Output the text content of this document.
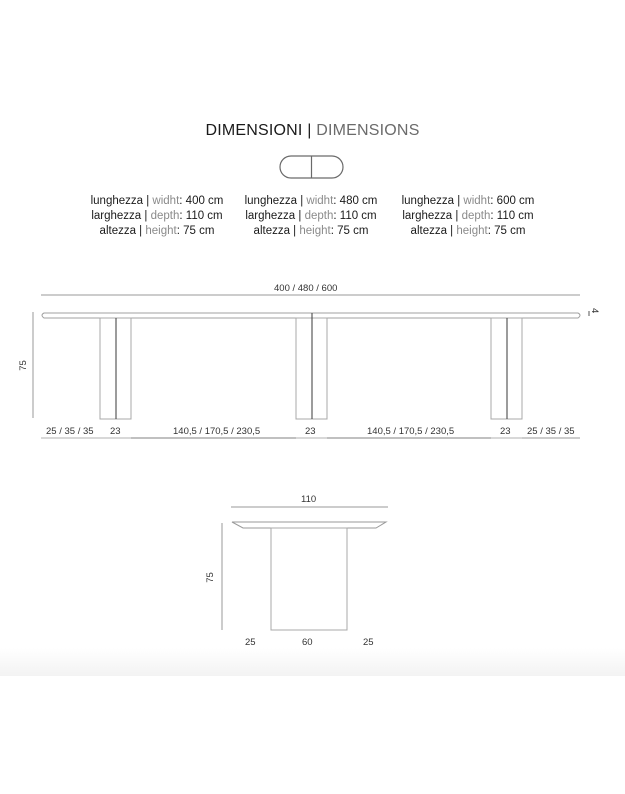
DIMENSIONI | DIMENSIONS
lunghezza | widht: 400 cm
larghezza | depth: 110 cm
altezza | height: 75 cm
lunghezza | widht: 480 cm
larghezza | depth: 110 cm
altezza | height: 75 cm
lunghezza | widht: 600 cm
larghezza | depth: 110 cm
altezza | height: 75 cm
400 / 480 / 600
4
75
25 / 35 / 35 23	140,5 / 170,5 / 230,5	23	140,5 / 170,5 / 230,5	23 25 / 35 / 35
110
75
25	60	25
